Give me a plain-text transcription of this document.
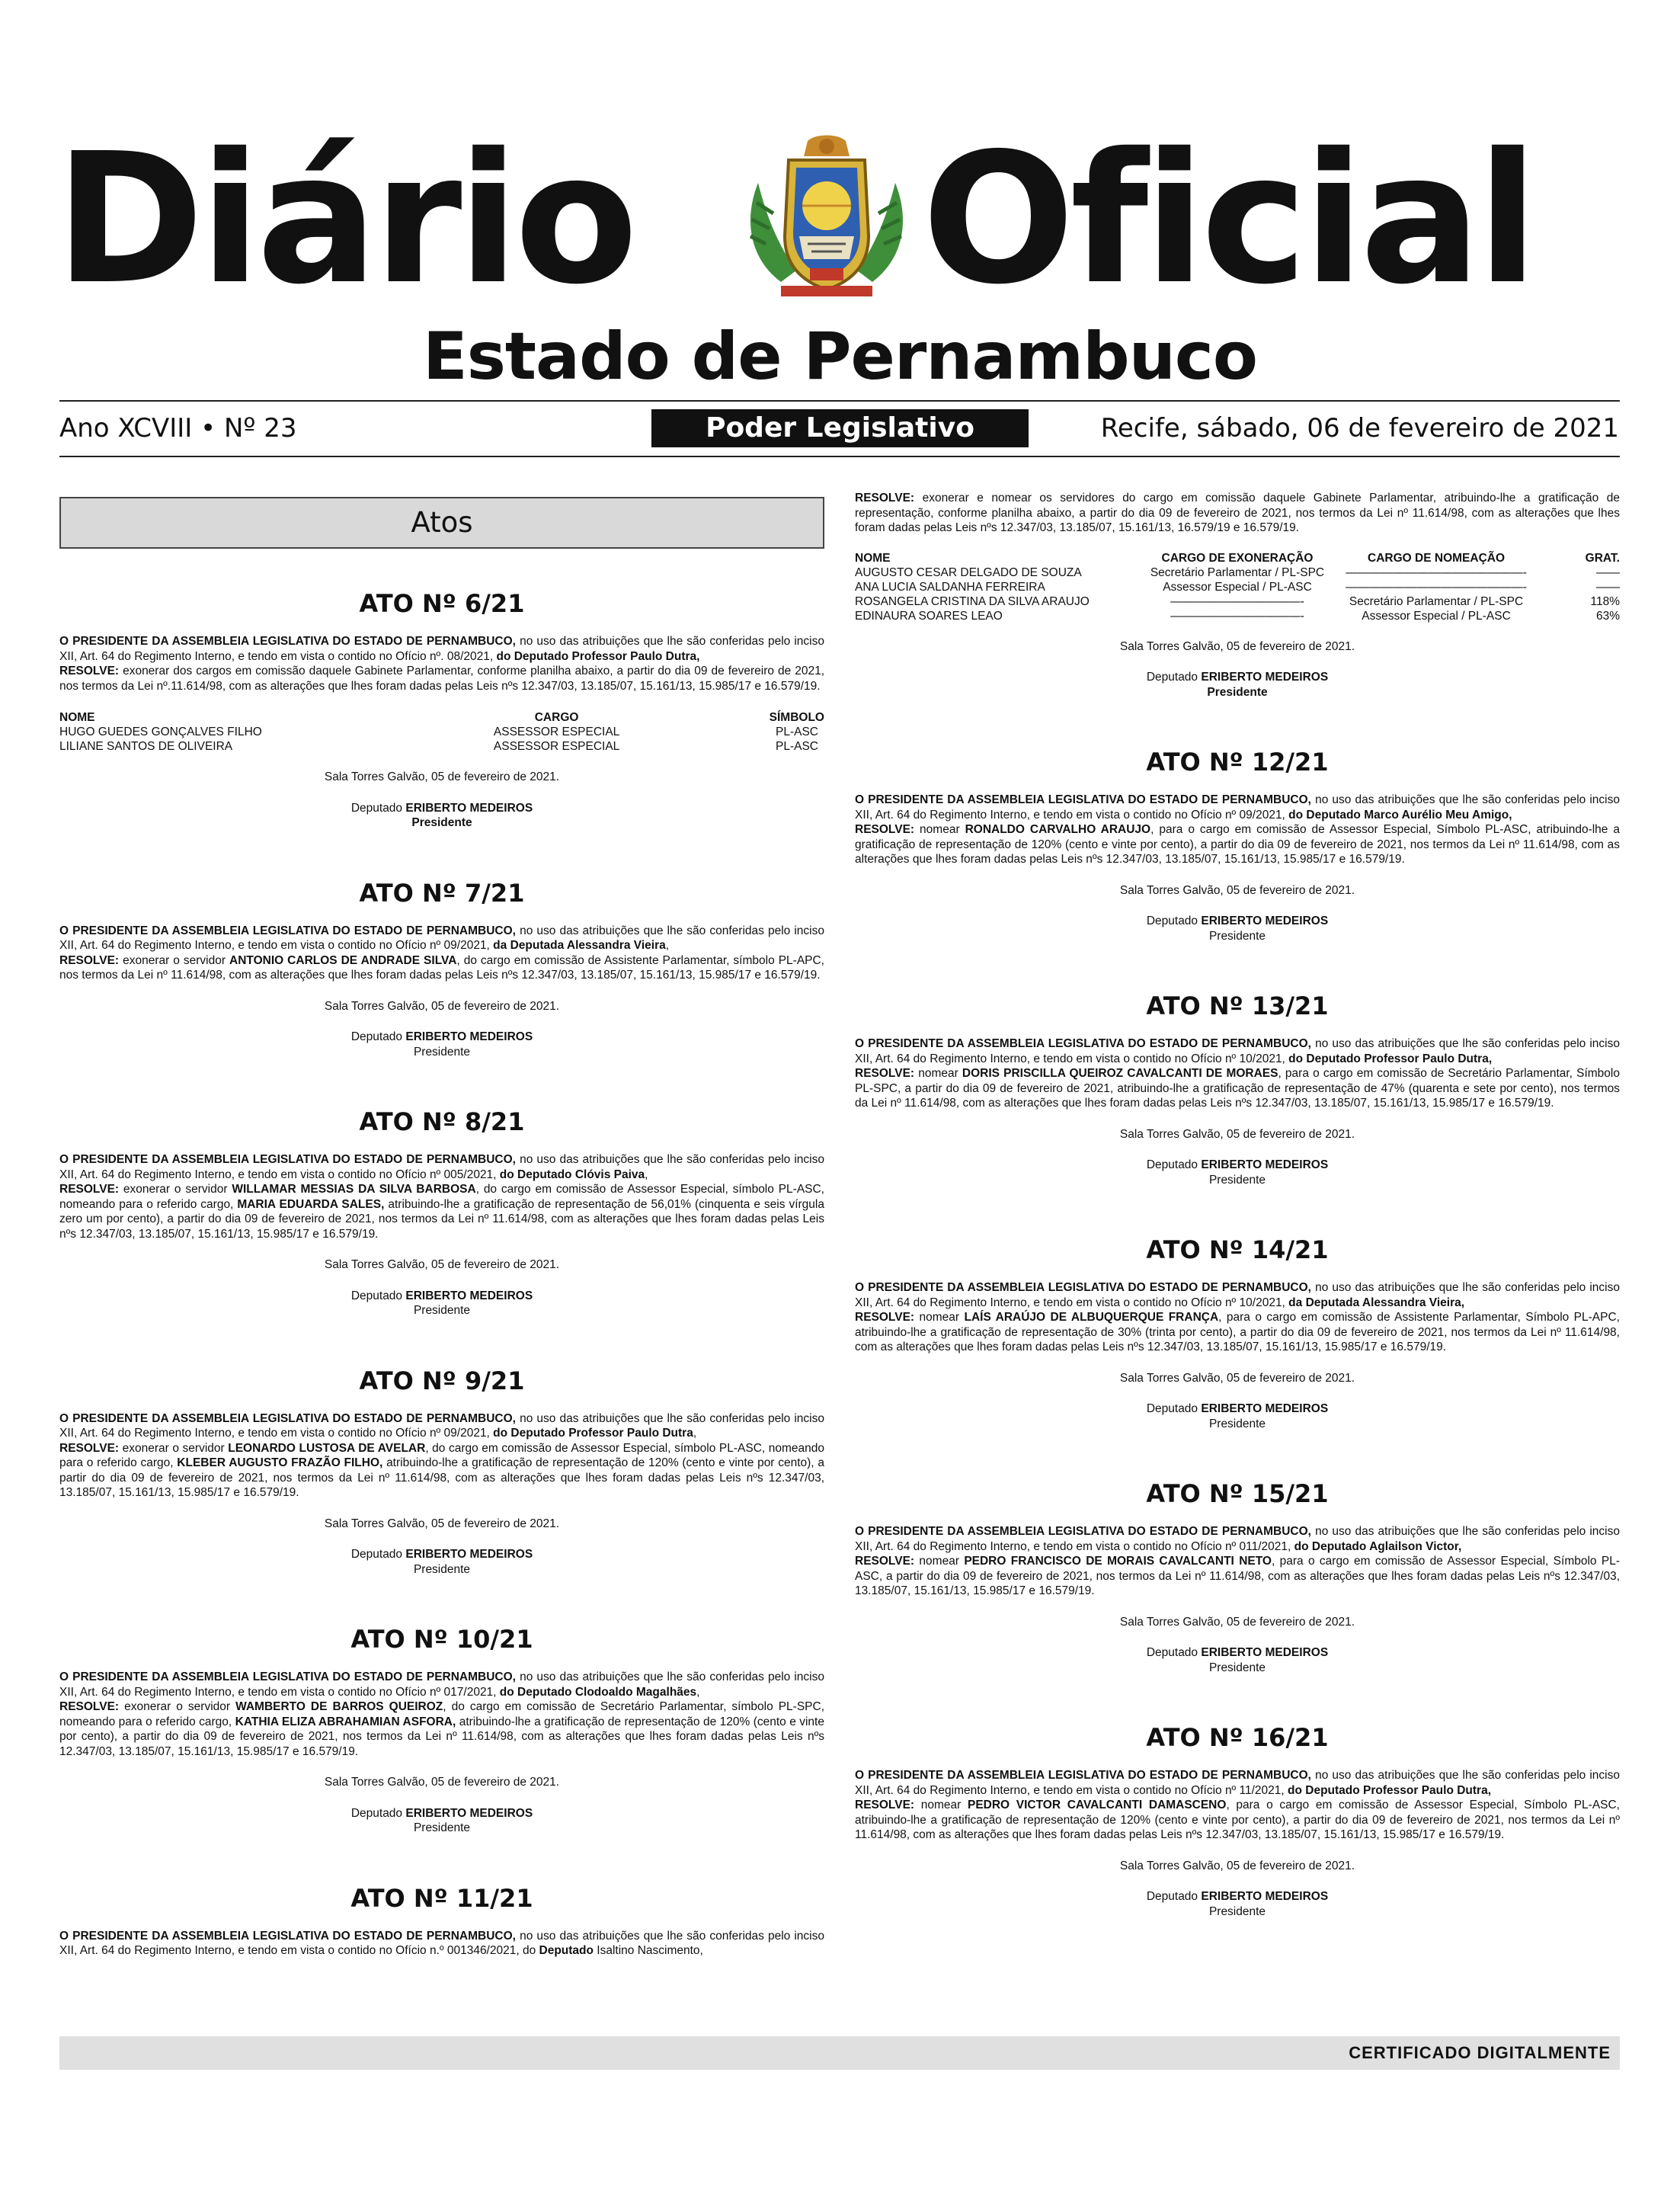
Diário Oficial
Estado de Pernambuco
Ano XCVIII • Nº 23	Poder Legislativo	Recife, sábado, 06 de fevereiro de 2021
Atos

ATO Nº 6/21

O PRESIDENTE DA ASSEMBLEIA LEGISLATIVA DO ESTADO DE PERNAMBUCO, no uso das atribuições que lhe são conferidas pelo inciso XII, Art. 64 do Regimento Interno, e tendo em vista o contido no Ofício nº. 08/2021, do Deputado Professor Paulo Dutra,
RESOLVE: exonerar dos cargos em comissão daquele Gabinete Parlamentar, conforme planilha abaixo, a partir do dia 09 de fevereiro de 2021, nos termos da Lei nº.11.614/98, com as alterações que lhes foram dadas pelas Leis nºs 12.347/03, 13.185/07, 15.161/13, 15.985/17 e 16.579/19.

NOME	CARGO	SÍMBOLO
HUGO GUEDES GONÇALVES FILHO	ASSESSOR ESPECIAL	PL-ASC
LILIANE SANTOS DE OLIVEIRA	ASSESSOR ESPECIAL	PL-ASC

Sala Torres Galvão, 05 de fevereiro de 2021.

Deputado ERIBERTO MEDEIROS
Presidente

ATO Nº 7/21

O PRESIDENTE DA ASSEMBLEIA LEGISLATIVA DO ESTADO DE PERNAMBUCO, no uso das atribuições que lhe são conferidas pelo inciso XII, Art. 64 do Regimento Interno, e tendo em vista o contido no Ofício nº 09/2021, da Deputada Alessandra Vieira,
RESOLVE: exonerar o servidor ANTONIO CARLOS DE ANDRADE SILVA, do cargo em comissão de Assistente Parlamentar, símbolo PL-APC, nos termos da Lei nº 11.614/98, com as alterações que lhes foram dadas pelas Leis nºs 12.347/03, 13.185/07, 15.161/13, 15.985/17 e 16.579/19.

Sala Torres Galvão, 05 de fevereiro de 2021.

Deputado ERIBERTO MEDEIROS
Presidente

ATO Nº 8/21

O PRESIDENTE DA ASSEMBLEIA LEGISLATIVA DO ESTADO DE PERNAMBUCO, no uso das atribuições que lhe são conferidas pelo inciso XII, Art. 64 do Regimento Interno, e tendo em vista o contido no Ofício nº 005/2021, do Deputado Clóvis Paiva,
RESOLVE: exonerar o servidor WILLAMAR MESSIAS DA SILVA BARBOSA, do cargo em comissão de Assessor Especial, símbolo PL-ASC, nomeando para o referido cargo, MARIA EDUARDA SALES, atribuindo-lhe a gratificação de representação de 56,01% (cinquenta e seis vírgula zero um por cento), a partir do dia 09 de fevereiro de 2021, nos termos da Lei nº 11.614/98, com as alterações que lhes foram dadas pelas Leis nºs 12.347/03, 13.185/07, 15.161/13, 15.985/17 e 16.579/19.

Sala Torres Galvão, 05 de fevereiro de 2021.

Deputado ERIBERTO MEDEIROS
Presidente

ATO Nº 9/21

O PRESIDENTE DA ASSEMBLEIA LEGISLATIVA DO ESTADO DE PERNAMBUCO, no uso das atribuições que lhe são conferidas pelo inciso XII, Art. 64 do Regimento Interno, e tendo em vista o contido no Ofício nº 09/2021, do Deputado Professor Paulo Dutra,
RESOLVE: exonerar o servidor LEONARDO LUSTOSA DE AVELAR, do cargo em comissão de Assessor Especial, símbolo PL-ASC, nomeando para o referido cargo, KLEBER AUGUSTO FRAZÃO FILHO, atribuindo-lhe a gratificação de representação de 120% (cento e vinte por cento), a partir do dia 09 de fevereiro de 2021, nos termos da Lei nº 11.614/98, com as alterações que lhes foram dadas pelas Leis nºs 12.347/03, 13.185/07, 15.161/13, 15.985/17 e 16.579/19.

Sala Torres Galvão, 05 de fevereiro de 2021.

Deputado ERIBERTO MEDEIROS
Presidente

ATO Nº 10/21

O PRESIDENTE DA ASSEMBLEIA LEGISLATIVA DO ESTADO DE PERNAMBUCO, no uso das atribuições que lhe são conferidas pelo inciso XII, Art. 64 do Regimento Interno, e tendo em vista o contido no Ofício nº 017/2021, do Deputado Clodoaldo Magalhães,
RESOLVE: exonerar o servidor WAMBERTO DE BARROS QUEIROZ, do cargo em comissão de Secretário Parlamentar, símbolo PL-SPC, nomeando para o referido cargo, KATHIA ELIZA ABRAHAMIAN ASFORA, atribuindo-lhe a gratificação de representação de 120% (cento e vinte por cento), a partir do dia 09 de fevereiro de 2021, nos termos da Lei nº 11.614/98, com as alterações que lhes foram dadas pelas Leis nºs 12.347/03, 13.185/07, 15.161/13, 15.985/17 e 16.579/19.

Sala Torres Galvão, 05 de fevereiro de 2021.

Deputado ERIBERTO MEDEIROS
Presidente

ATO Nº 11/21

O PRESIDENTE DA ASSEMBLEIA LEGISLATIVA DO ESTADO DE PERNAMBUCO, no uso das atribuições que lhe são conferidas pelo inciso XII, Art. 64 do Regimento Interno, e tendo em vista o contido no Ofício n.º 001346/2021, do Deputado Isaltino Nascimento,

RESOLVE: exonerar e nomear os servidores do cargo em comissão daquele Gabinete Parlamentar, atribuindo-lhe a gratificação de representação, conforme planilha abaixo, a partir do dia 09 de fevereiro de 2021, nos termos da Lei nº 11.614/98, com as alterações que lhes foram dadas pelas Leis nºs 12.347/03, 13.185/07, 15.161/13, 16.579/19 e 16.579/19.

NOME	CARGO DE EXONERAÇÃO	CARGO DE NOMEAÇÃO	GRAT.
AUGUSTO CESAR DELGADO DE SOUZA	Secretário Parlamentar / PL-SPC	———————————————-	——
ANA LUCIA SALDANHA FERREIRA	Assessor Especial / PL-ASC	———————————————-	——
ROSANGELA CRISTINA DA SILVA ARAUJO	———————————-	Secretário Parlamentar / PL-SPC	118%
EDINAURA SOARES LEAO	———————————-	Assessor Especial / PL-ASC	63%

Sala Torres Galvão, 05 de fevereiro de 2021.

Deputado ERIBERTO MEDEIROS
Presidente

ATO Nº 12/21

O PRESIDENTE DA ASSEMBLEIA LEGISLATIVA DO ESTADO DE PERNAMBUCO, no uso das atribuições que lhe são conferidas pelo inciso XII, Art. 64 do Regimento Interno, e tendo em vista o contido no Ofício nº 09/2021, do Deputado Marco Aurélio Meu Amigo,
RESOLVE: nomear RONALDO CARVALHO ARAUJO, para o cargo em comissão de Assessor Especial, Símbolo PL-ASC, atribuindo-lhe a gratificação de representação de 120% (cento e vinte por cento), a partir do dia 09 de fevereiro de 2021, nos termos da Lei nº 11.614/98, com as alterações que lhes foram dadas pelas Leis nºs 12.347/03, 13.185/07, 15.161/13, 15.985/17 e 16.579/19.

Sala Torres Galvão, 05 de fevereiro de 2021.

Deputado ERIBERTO MEDEIROS
Presidente

ATO Nº 13/21

O PRESIDENTE DA ASSEMBLEIA LEGISLATIVA DO ESTADO DE PERNAMBUCO, no uso das atribuições que lhe são conferidas pelo inciso XII, Art. 64 do Regimento Interno, e tendo em vista o contido no Ofício nº 10/2021, do Deputado Professor Paulo Dutra,
RESOLVE: nomear DORIS PRISCILLA QUEIROZ CAVALCANTI DE MORAES, para o cargo em comissão de Secretário Parlamentar, Símbolo PL-SPC, a partir do dia 09 de fevereiro de 2021, atribuindo-lhe a gratificação de representação de 47% (quarenta e sete por cento), nos termos da Lei nº 11.614/98, com as alterações que lhes foram dadas pelas Leis nºs 12.347/03, 13.185/07, 15.161/13, 15.985/17 e 16.579/19.

Sala Torres Galvão, 05 de fevereiro de 2021.

Deputado ERIBERTO MEDEIROS
Presidente

ATO Nº 14/21

O PRESIDENTE DA ASSEMBLEIA LEGISLATIVA DO ESTADO DE PERNAMBUCO, no uso das atribuições que lhe são conferidas pelo inciso XII, Art. 64 do Regimento Interno, e tendo em vista o contido no Ofício nº 10/2021, da Deputada Alessandra Vieira,
RESOLVE: nomear LAÍS ARAÚJO DE ALBUQUERQUE FRANÇA, para o cargo em comissão de Assistente Parlamentar, Símbolo PL-APC, atribuindo-lhe a gratificação de representação de 30% (trinta por cento), a partir do dia 09 de fevereiro de 2021, nos termos da Lei nº 11.614/98, com as alterações que lhes foram dadas pelas Leis nºs 12.347/03, 13.185/07, 15.161/13, 15.985/17 e 16.579/19.

Sala Torres Galvão, 05 de fevereiro de 2021.

Deputado ERIBERTO MEDEIROS
Presidente

ATO Nº 15/21

O PRESIDENTE DA ASSEMBLEIA LEGISLATIVA DO ESTADO DE PERNAMBUCO, no uso das atribuições que lhe são conferidas pelo inciso XII, Art. 64 do Regimento Interno, e tendo em vista o contido no Ofício nº 011/2021, do Deputado Aglailson Victor,
RESOLVE: nomear PEDRO FRANCISCO DE MORAIS CAVALCANTI NETO, para o cargo em comissão de Assessor Especial, Símbolo PL-ASC, a partir do dia 09 de fevereiro de 2021, nos termos da Lei nº 11.614/98, com as alterações que lhes foram dadas pelas Leis nºs 12.347/03, 13.185/07, 15.161/13, 15.985/17 e 16.579/19.

Sala Torres Galvão, 05 de fevereiro de 2021.

Deputado ERIBERTO MEDEIROS
Presidente

ATO Nº 16/21

O PRESIDENTE DA ASSEMBLEIA LEGISLATIVA DO ESTADO DE PERNAMBUCO, no uso das atribuições que lhe são conferidas pelo inciso XII, Art. 64 do Regimento Interno, e tendo em vista o contido no Ofício nº 11/2021, do Deputado Professor Paulo Dutra,
RESOLVE: nomear PEDRO VICTOR CAVALCANTI DAMASCENO, para o cargo em comissão de Assessor Especial, Símbolo PL-ASC, atribuindo-lhe a gratificação de representação de 120% (cento e vinte por cento), a partir do dia 09 de fevereiro de 2021, nos termos da Lei nº 11.614/98, com as alterações que lhes foram dadas pelas Leis nºs 12.347/03, 13.185/07, 15.161/13, 15.985/17 e 16.579/19.

Sala Torres Galvão, 05 de fevereiro de 2021.

Deputado ERIBERTO MEDEIROS
Presidente

CERTIFICADO DIGITALMENTE
